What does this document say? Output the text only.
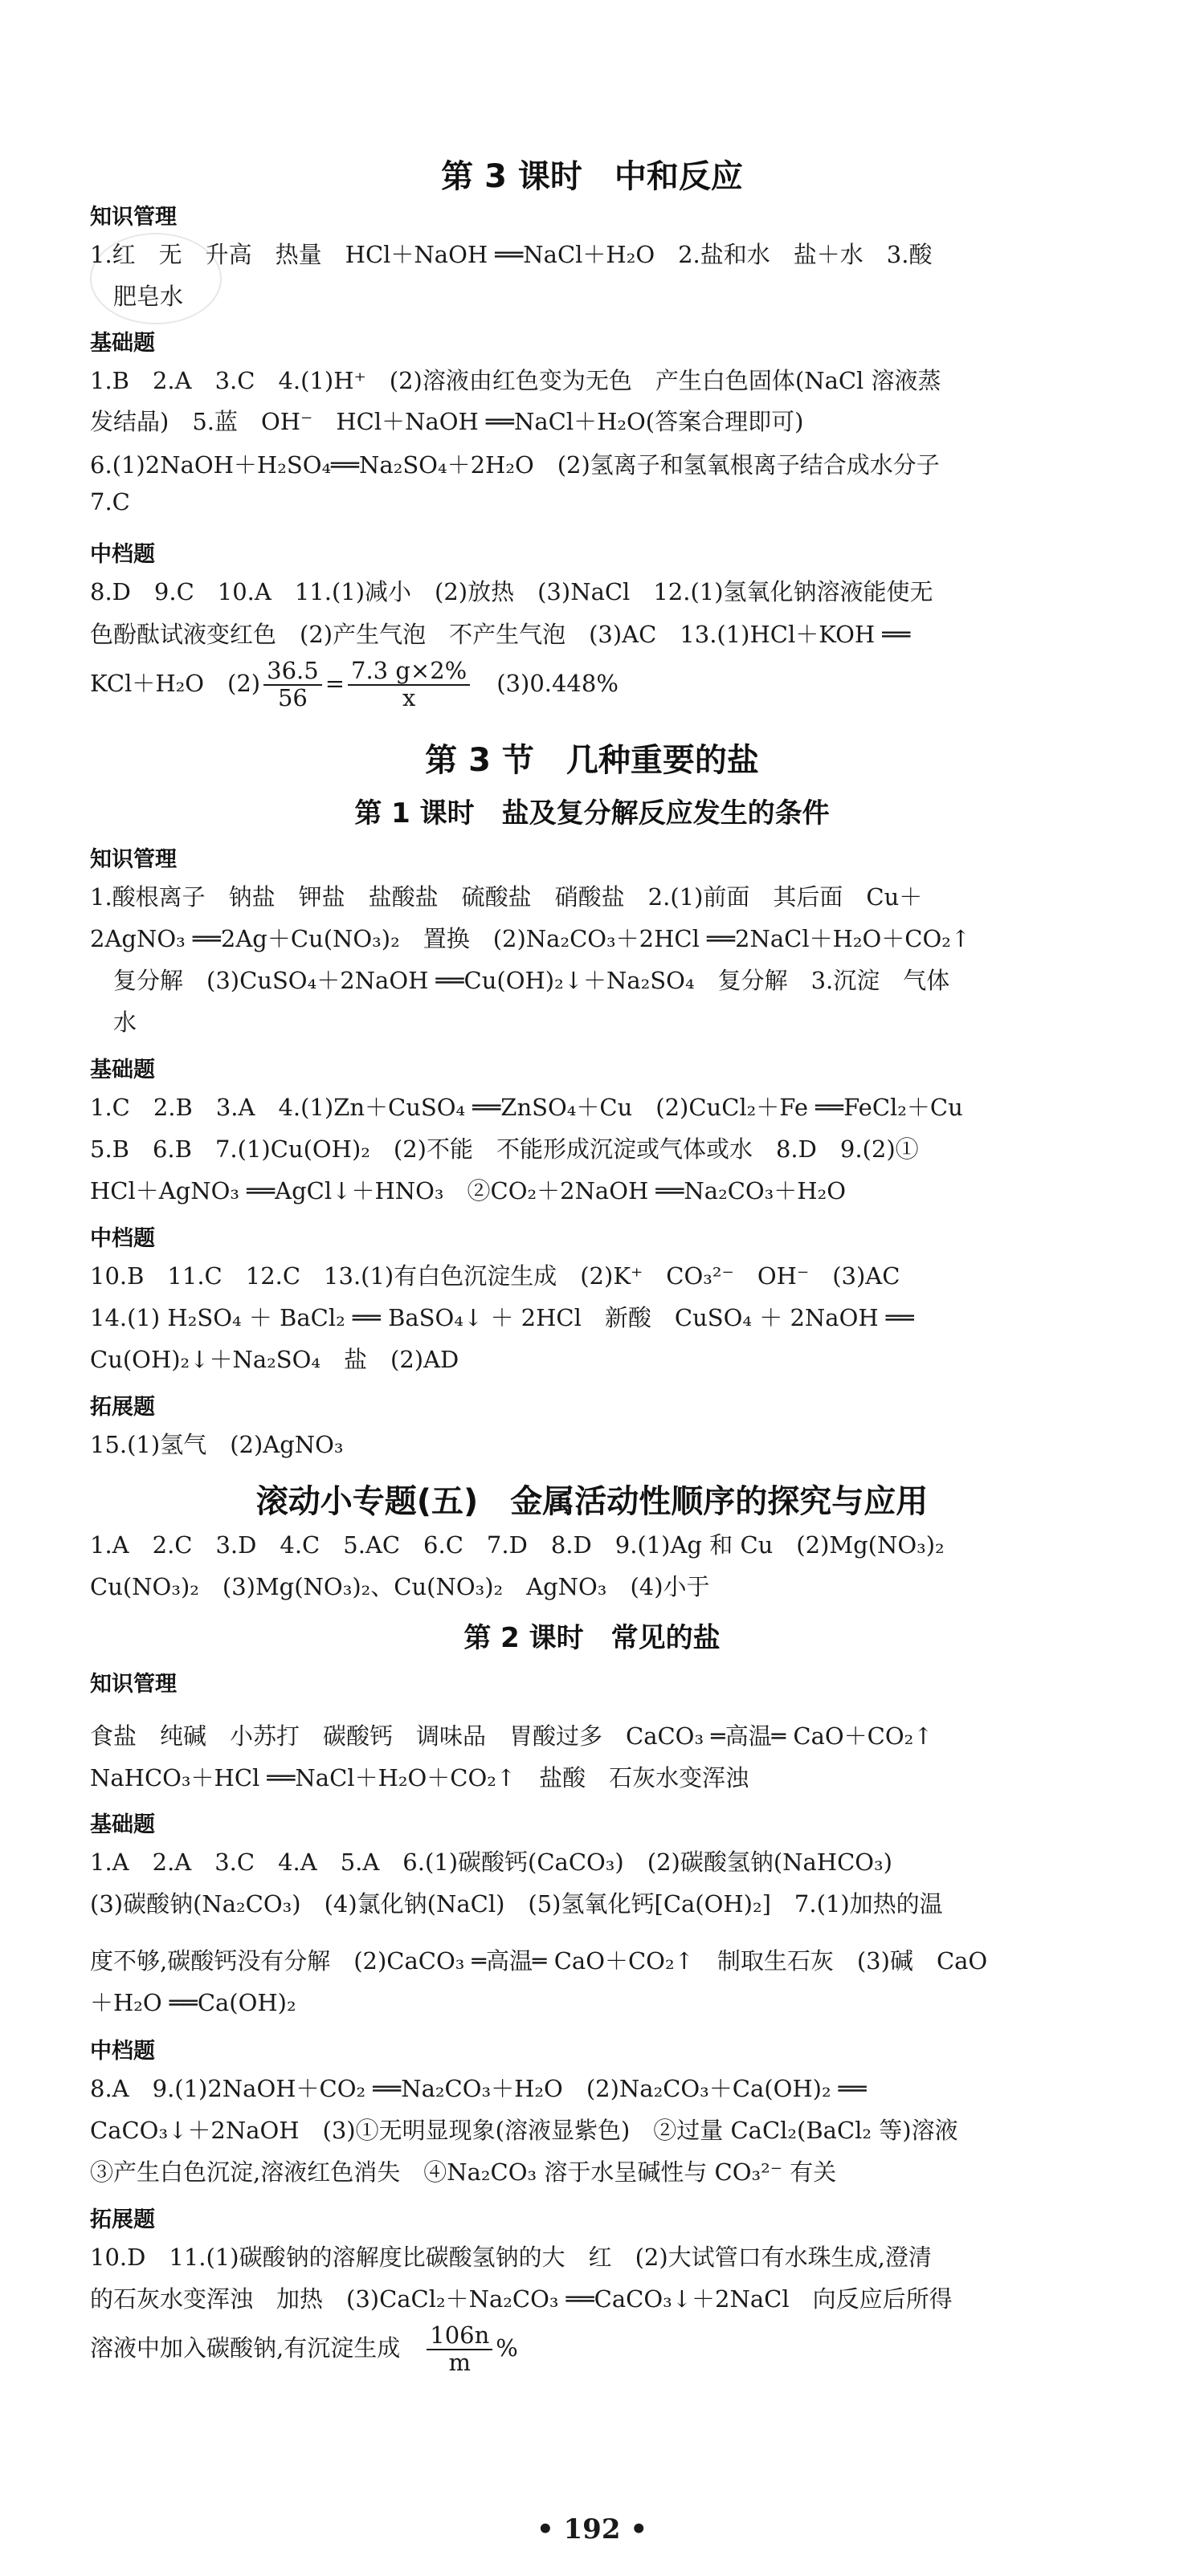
第 3 课时　中和反应
知识管理
1.红　无　升高　热量　HCl＋NaOH ══NaCl＋H₂O　2.盐和水　盐＋水　3.酸
　肥皂水
基础题
1.B　2.A　3.C　4.(1)H⁺　(2)溶液由红色变为无色　产生白色固体(NaCl 溶液蒸
发结晶)　5.蓝　OH⁻　HCl＋NaOH ══NaCl＋H₂O(答案合理即可)
6.(1)2NaOH＋H₂SO₄══Na₂SO₄＋2H₂O　(2)氢离子和氢氧根离子结合成水分子
7.C
中档题
8.D　9.C　10.A　11.(1)减小　(2)放热　(3)NaCl　12.(1)氢氧化钠溶液能使无
色酚酞试液变红色　(2)产生气泡　不产生气泡　(3)AC　13.(1)HCl＋KOH ══
KCl＋H₂O　$(2) \frac{36.5}{56} = \frac{7.3 g\times 2\%}{x}$ 　(3)0.448%
第 3 节　几种重要的盐
第 1 课时　盐及复分解反应发生的条件
知识管理
1.酸根离子　钠盐　钾盐　盐酸盐　硫酸盐　硝酸盐　2.(1)前面　其后面　Cu＋
2AgNO₃ ══2Ag＋Cu(NO₃)₂　置换　(2)Na₂CO₃＋2HCl ══2NaCl＋H₂O＋CO₂↑
　复分解　(3)CuSO₄＋2NaOH ══Cu(OH)₂↓＋Na₂SO₄　复分解　3.沉淀　气体
　水
基础题
1.C　2.B　3.A　4.(1)Zn＋CuSO₄ ══ZnSO₄＋Cu　(2)CuCl₂＋Fe ══FeCl₂＋Cu
5.B　6.B　7.(1)Cu(OH)₂　(2)不能　不能形成沉淀或气体或水　8.D　9.(2)①
HCl＋AgNO₃ ══AgCl↓＋HNO₃　②CO₂＋2NaOH ══Na₂CO₃＋H₂O
中档题
10.B　11.C　12.C　13.(1)有白色沉淀生成　(2)K⁺　CO₃²⁻　OH⁻　(3)AC
14.(1) H₂SO₄ ＋ BaCl₂ ══ BaSO₄↓ ＋ 2HCl　新酸　CuSO₄ ＋ 2NaOH ══
Cu(OH)₂↓＋Na₂SO₄　盐　(2)AD
拓展题
15.(1)氢气　(2)AgNO₃
滚动小专题(五)　金属活动性顺序的探究与应用
1.A　2.C　3.D　4.C　5.AC　6.C　7.D　8.D　9.(1)Ag 和 Cu　(2)Mg(NO₃)₂
Cu(NO₃)₂　(3)Mg(NO₃)₂、Cu(NO₃)₂　AgNO₃　(4)小于
第 2 课时　常见的盐
知识管理
食盐　纯碱　小苏打　碳酸钙　调味品　胃酸过多　CaCO₃ ═高温═ CaO＋CO₂↑
NaHCO₃＋HCl ══NaCl＋H₂O＋CO₂↑　盐酸　石灰水变浑浊
基础题
1.A　2.A　3.C　4.A　5.A　6.(1)碳酸钙(CaCO₃)　(2)碳酸氢钠(NaHCO₃)
(3)碳酸钠(Na₂CO₃)　(4)氯化钠(NaCl)　(5)氢氧化钙[Ca(OH)₂]　7.(1)加热的温
度不够,碳酸钙没有分解　(2)CaCO₃ ═高温═ CaO＋CO₂↑　制取生石灰　(3)碱　CaO
＋H₂O ══Ca(OH)₂
中档题
8.A　9.(1)2NaOH＋CO₂ ══Na₂CO₃＋H₂O　(2)Na₂CO₃＋Ca(OH)₂ ══
CaCO₃↓＋2NaOH　(3)①无明显现象(溶液显紫色)　②过量 CaCl₂(BaCl₂ 等)溶液
③产生白色沉淀,溶液红色消失　④Na₂CO₃ 溶于水呈碱性与 CO₃²⁻ 有关
拓展题
10.D　11.(1)碳酸钠的溶解度比碳酸氢钠的大　红　(2)大试管口有水珠生成,澄清
的石灰水变浑浊　加热　(3)CaCl₂＋Na₂CO₃ ══CaCO₃↓＋2NaCl　向反应后所得
溶液中加入碳酸钠,有沉淀生成　 $\frac{106n}{m}$ %
• 192 •
